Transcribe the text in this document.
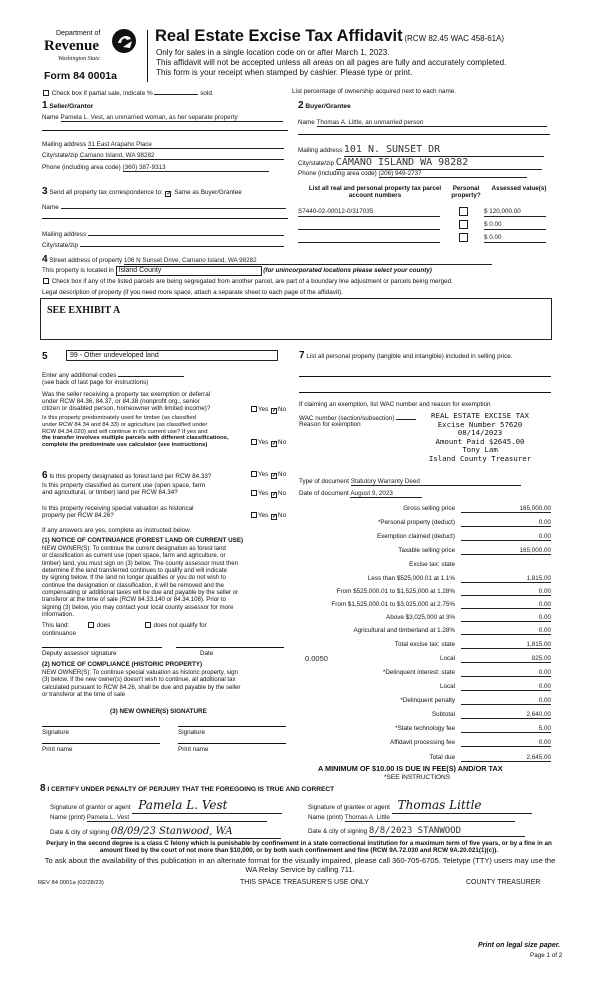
Department of
Revenue
Washington State
Form 84 0001a
Real Estate Excise Tax Affidavit (RCW 82.45 WAC 458-61A)
Only for sales in a single location code on or after March 1, 2023.
This affidavit will not be accepted unless all areas on all pages are fully and accurately completed.
This form is your receipt when stamped by cashier. Please type or print.
Check box if partial sale, indicate %	sold.	List percentage of ownership acquired next to each name.
1 Seller/Grantor
Name Pamela L. Vest, an unmarried woman, as her separate property
Mailing address 31 East Arapaho Place
City/state/zip Camano Island, WA 98282
Phone (including area code) (360) 387-9313
2 Buyer/Grantee
Name Thomas A. Little, an unmarried person
Mailing address 101 N. SUNSET DR
City/state/zip CAMANO ISLAND WA 98282
Phone (including area code) (206) 949-2737
3 Send all property tax correspondence to: ✓ Same as Buyer/Grantee
Name
Mailing address
City/state/zip
List all real and personal property tax parcel account numbers
Personal property?
Assessed value(s)
S7440-02-00012-0/317035	$ 120,000.00
$ 0.00
$ 0.00
4 Street address of property 106 N Sunset Drive, Camano Island, WA 98282
This property is located in Island County	(for unincorporated locations please select your county)
Check box if any of the listed parcels are being segregated from another parcel, are part of a boundary line adjustment or parcels being merged.
Legal description of property (if you need more space, attach a separate sheet to each page of the affidavit).
SEE EXHIBIT A
5	99 - Other undeveloped land
Enter any additional codes
(see back of last page for instructions)
Was the seller receiving a property tax exemption or deferral
under RCW 84.36, 84.37, or 84.38 (nonprofit org., senior
citizen or disabled person, homeowner with limited income)?	Yes ✓No
Is this property predominately used for timber (as classified
under RCW 84.34 and 84.33) or agriculture (as classified under
RCW 84.34.020) and will continue in it's current use? If yes and
the transfer involves multiple parcels with different classifications,
complete the predominate use calculator (see instructions)	Yes ✓No
6 Is this property designated as forest land per RCW 84.33?	Yes ✓No
Is this property classified as current use (open space, farm
and agricultural, or timber) land per RCW 84.34?	Yes ✓No
Is this property receiving special valuation as historical
property per RCW 84.26?	Yes ✓No
If any answers are yes, complete as instructed below.
(1) NOTICE OF CONTINUANCE (FOREST LAND OR CURRENT USE)
NEW OWNER(S): To continue the current designation as forest land
or classification as current use (open space, farm and agriculture, or
timber) land, you must sign on (3) below. The county assessor must then
determine if the land transferred continues to qualify and will indicate
by signing below. If the land no longer qualifies or you do not wish to
continue the designation or classification, it will be removed and the
compensating or additional taxes will be due and payable by the seller or
transferor at the time of sale (RCW 84.33.140 or 84.34.108). Prior to
signing (3) below, you may contact your local county assessor for more
information.
This land:	does	does not qualify for
continuance
Deputy assessor signature	Date
(2) NOTICE OF COMPLIANCE (HISTORIC PROPERTY)
NEW OWNER(S): To continue special valuation as historic property, sign
(3) below. If the new owner(s) doesn't wish to continue, all additional tax
calculated pursuant to RCW 84.26, shall be due and payable by the seller
or transferor at the time of sale
(3) NEW OWNER(S) SIGNATURE
Signature	Signature
Print name	Print name
7 List all personal property (tangible and intangible) included in selling price.
If claiming an exemption, list WAC number and reason for exemption
WAC number (section/subsection)
Reason for exemption
REAL ESTATE EXCISE TAX
Excise Number 57620
08/14/2023
Amount Paid $2645.00
Tony Lam
Island County Treasurer
Type of document Statutory Warranty Deed
Date of document August 9, 2023
Gross selling price	165,000.00
*Personal property (deduct)	0.00
Exemption claimed (deduct)	0.00
Taxable selling price	165,000.00
Excise tax: state
Less than $525,000.01 at 1.1%	1,815.00
From $525,000.01 to $1,525,000 at 1.28%	0.00
From $1,525,000.01 to $3,025,000 at 2.75%	0.00
Above $3,025,000 at 3%	0.00
Agricultural and timberland at 1.28%	0.00
Total excise tax: state	1,815.00
0.0050	Local	825.00
*Delinquent interest: state	0.00
Local	0.00
*Delinquent penalty	0.00
Subtotal	2,640.00
*State technology fee	5.00
Affidavit processing fee	0.00
Total due	2,645.00
A MINIMUM OF $10.00 IS DUE IN FEE(S) AND/OR TAX
*SEE INSTRUCTIONS
8 I CERTIFY UNDER PENALTY OF PERJURY THAT THE FOREGOING IS TRUE AND CORRECT
Signature of grantor or agent Pamela L. Vest
Name (print) Pamela L. Vest
Date & city of signing 08/09/23 Stanwood, WA
Signature of grantee or agent Thomas Little
Name (print) Thomas A. Little
Date & city of signing 8/8/2023 STANWOOD
Perjury in the second degree is a class C felony which is punishable by confinement in a state correctional institution for a maximum term of five years, or by a fine in an amount fixed by the court of not more than $10,000, or by both such confinement and fine (RCW 9A.72.030 and RCW 9A.20.021(1)(c)).
To ask about the availability of this publication in an alternate format for the visually impaired, please call 360-705-6705. Teletype (TTY) users may use the WA Relay Service by calling 711.
REV 84 0001a (02/28/23)	THIS SPACE TREASURER'S USE ONLY	COUNTY TREASURER
Print on legal size paper.
Page 1 of 2
